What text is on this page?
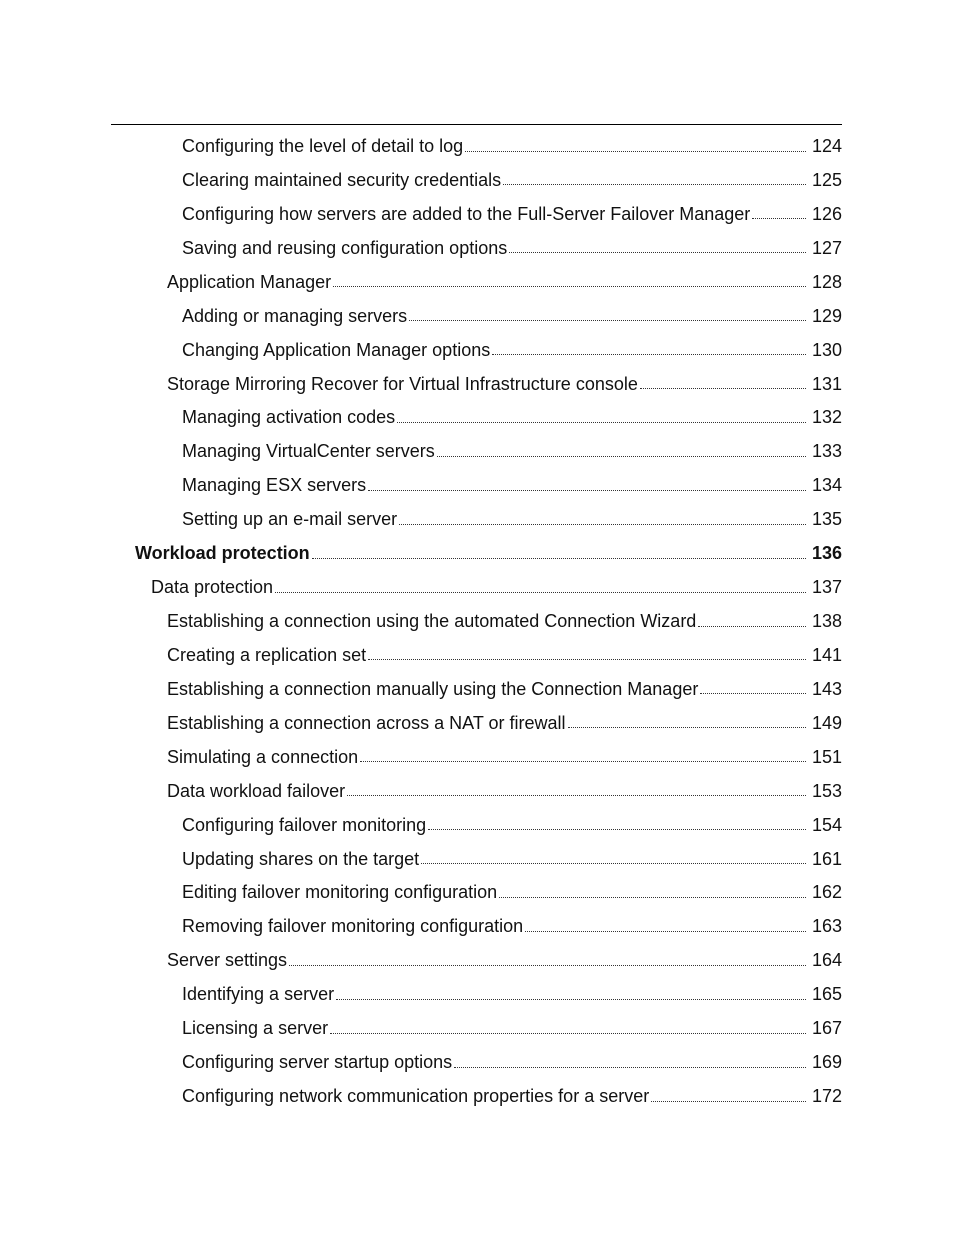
Configuring the level of detail to log	124
Clearing maintained security credentials	125
Configuring how servers are added to the Full-Server Failover Manager	126
Saving and reusing configuration options	127
Application Manager	128
Adding or managing servers	129
Changing Application Manager options	130
Storage Mirroring Recover for Virtual Infrastructure console	131
Managing activation codes	132
Managing VirtualCenter servers	133
Managing ESX servers	134
Setting up an e-mail server	135
Workload protection	136
Data protection	137
Establishing a connection using the automated Connection Wizard	138
Creating a replication set	141
Establishing a connection manually using the Connection Manager	143
Establishing a connection across a NAT or firewall	149
Simulating a connection	151
Data workload failover	153
Configuring failover monitoring	154
Updating shares on the target	161
Editing failover monitoring configuration	162
Removing failover monitoring configuration	163
Server settings	164
Identifying a server	165
Licensing a server	167
Configuring server startup options	169
Configuring network communication properties for a server	172
